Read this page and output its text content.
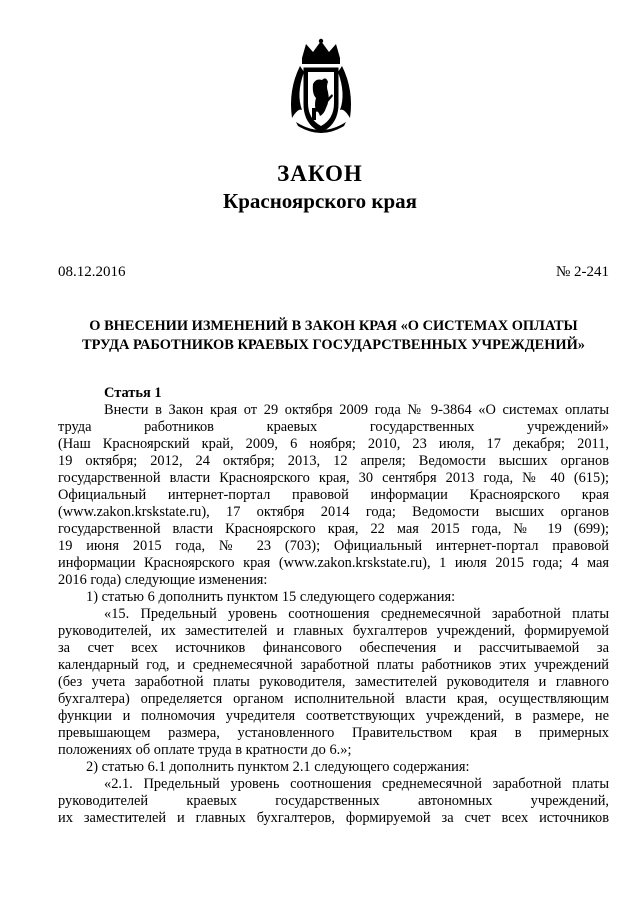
ЗАКОН
Красноярского края
08.12.2016	№ 2-241
О ВНЕСЕНИИ ИЗМЕНЕНИЙ В ЗАКОН КРАЯ «О СИСТЕМАХ ОПЛАТЫ
ТРУДА РАБОТНИКОВ КРАЕВЫХ ГОСУДАРСТВЕННЫХ УЧРЕЖДЕНИЙ»
Статья 1
Внести в Закон края от 29 октября 2009 года № 9-3864 «О системах оплаты
труда работников краевых государственных учреждений»
(Наш Красноярский край, 2009, 6 ноября; 2010, 23 июля, 17 декабря; 2011,
19 октября; 2012, 24 октября; 2013, 12 апреля; Ведомости высших органов
государственной власти Красноярского края, 30 сентября 2013 года, № 40 (615);
Официальный интернет-портал правовой информации Красноярского края
(www.zakon.krskstate.ru), 17 октября 2014 года; Ведомости высших органов
государственной власти Красноярского края, 22 мая 2015 года, № 19 (699);
19 июня 2015 года, № 23 (703); Официальный интернет-портал правовой
информации Красноярского края (www.zakon.krskstate.ru), 1 июля 2015 года; 4 мая
2016 года) следующие изменения:
1) статью 6 дополнить пунктом 15 следующего содержания:
«15. Предельный уровень соотношения среднемесячной заработной платы
руководителей, их заместителей и главных бухгалтеров учреждений, формируемой
за счет всех источников финансового обеспечения и рассчитываемой за
календарный год, и среднемесячной заработной платы работников этих учреждений
(без учета заработной платы руководителя, заместителей руководителя и главного
бухгалтера) определяется органом исполнительной власти края, осуществляющим
функции и полномочия учредителя соответствующих учреждений, в размере, не
превышающем размера, установленного Правительством края в примерных
положениях об оплате труда в кратности до 6.»;
2) статью 6.1 дополнить пунктом 2.1 следующего содержания:
«2.1. Предельный уровень соотношения среднемесячной заработной платы
руководителей краевых государственных автономных учреждений,
их заместителей и главных бухгалтеров, формируемой за счет всех источников
